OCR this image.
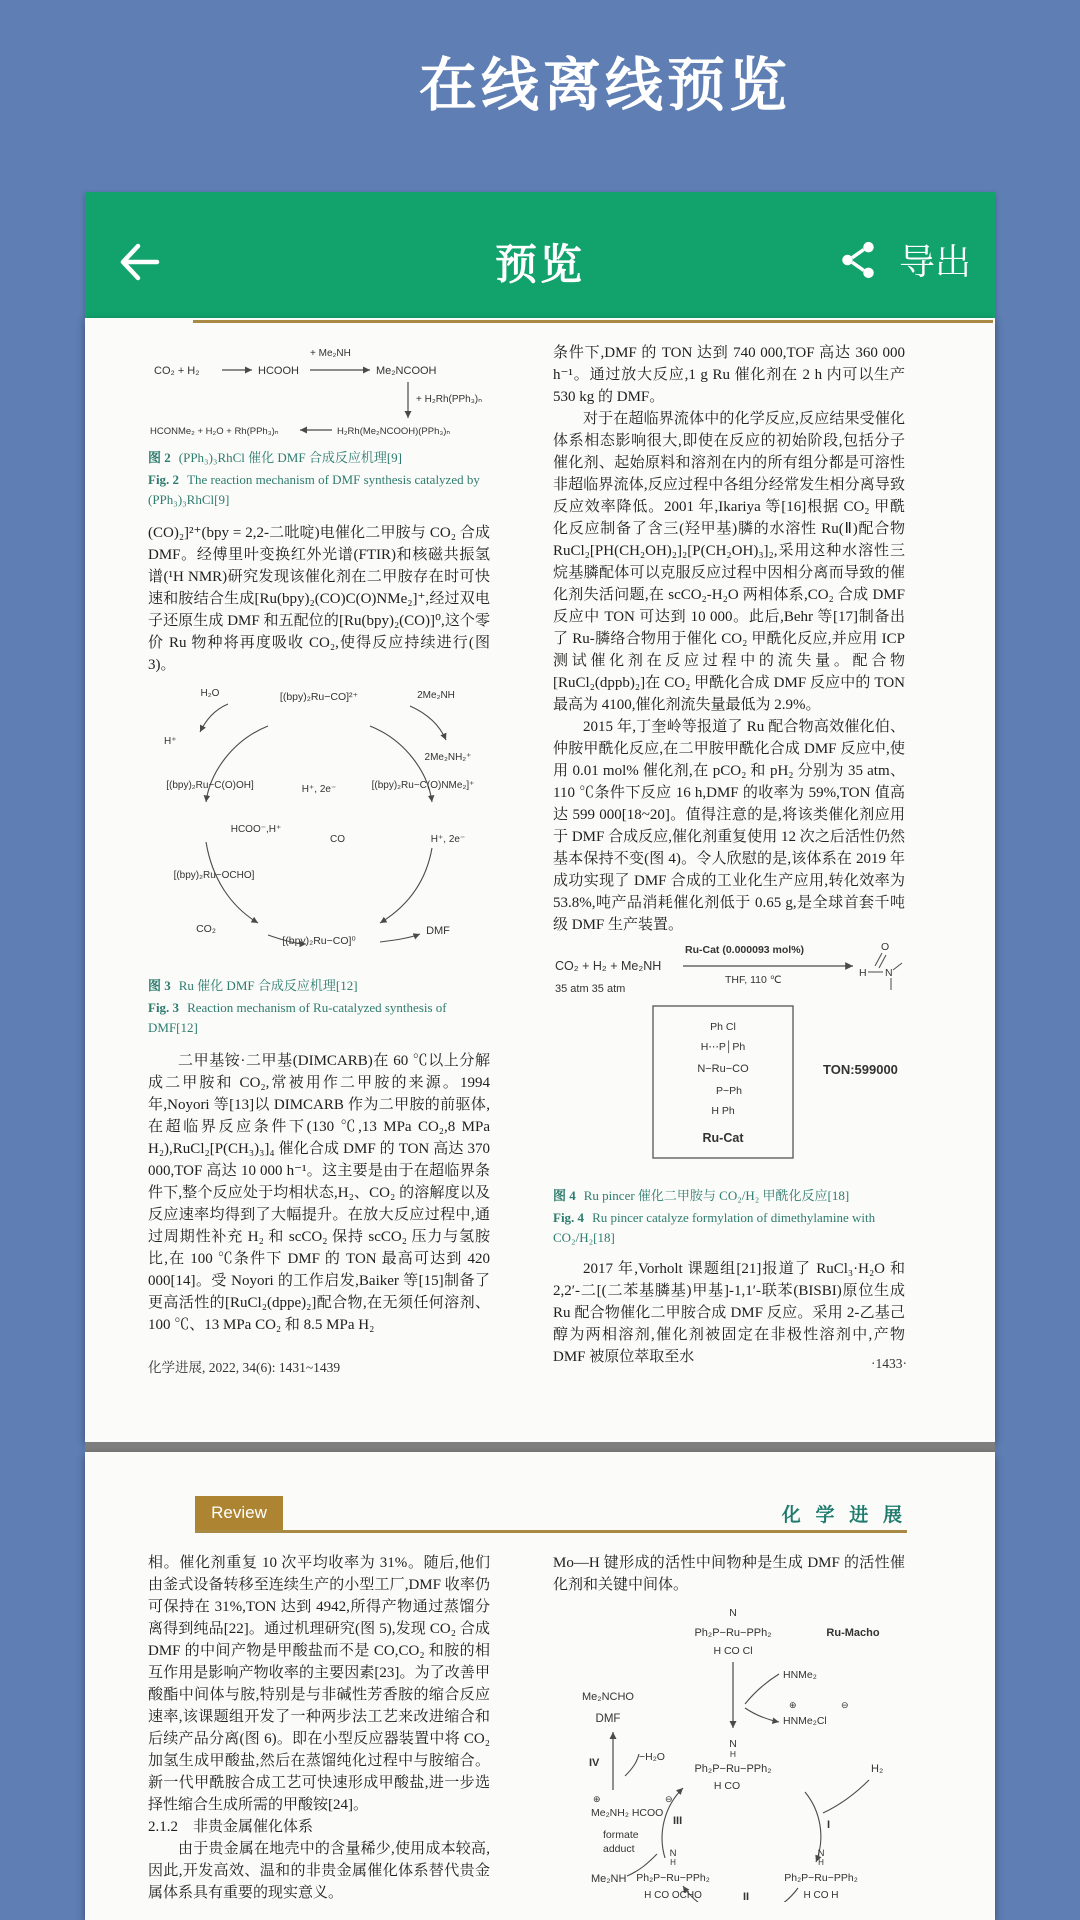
在线离线预览
预览	导出
CO₂ + H₂	HCOOH
+ Me₂NH
Me₂NCOOH
+ H₂Rh(PPh₃)ₙ
HCONMe₂ + H₂O + Rh(PPh₃)ₙ	H₂Rh(Me₂NCOOH)(PPh₃)ₙ

图 2 (PPh₃)₃RhCl 催化 DMF 合成反应机理[9]

Fig. 2 The reaction mechanism of DMF synthesis catalyzed by (PPh₃)₃RhCl[9]

(CO)₂]²⁺(bpy = 2,2-二吡啶)电催化二甲胺与 CO₂ 合成 DMF。经傅里叶变换红外光谱(FTIR)和核磁共振氢谱(¹H NMR)研究发现该催化剂在二甲胺存在时可快速和胺结合生成[Ru(bpy)₂(CO)C(O)NMe₂]⁺,经过双电子还原生成 DMF 和五配位的[Ru(bpy)₂(CO)]⁰,这个零价 Ru 物种将再度吸收 CO₂,使得反应持续进行(图 3)。

[(bpy)₂Ru−CO]²⁺
H₂O
H⁺
2Me₂NH
2Me₂NH₂⁺
[(bpy)₂Ru−C(O)OH]
HCOO⁻,H⁺
H⁺, 2e⁻
CO
[(bpy)₂Ru−C(O)NMe₂]⁺
H⁺, 2e⁻
[(bpy)₂Ru−OCHO]
CO₂
[(bpy)₂Ru−CO]⁰
DMF

图 3 Ru 催化 DMF 合成反应机理[12]

Fig. 3 Reaction mechanism of Ru-catalyzed synthesis of DMF[12]

二甲基铵·二甲基(DIMCARB)在 60 ℃以上分解成二甲胺和 CO₂,常被用作二甲胺的来源。1994 年,Noyori 等[13]以 DIMCARB 作为二甲胺的前驱体,在超临界反应条件下(130 ℃,13 MPa CO₂,8 MPa H₂),RuCl₂[P(CH₃)₃]₄ 催化合成 DMF 的 TON 高达 370 000,TOF 高达 10 000 h⁻¹。这主要是由于在超临界条件下,整个反应处于均相状态,H₂、CO₂ 的溶解度以及反应速率均得到了大幅提升。在放大反应过程中,通过周期性补充 H₂ 和 scCO₂ 保持 scCO₂ 压力与氢胺比,在 100 ℃条件下 DMF 的 TON 最高可达到 420 000[14]。受 Noyori 的工作启发,Baiker 等[15]制备了更高活性的[RuCl₂(dppe)₂]配合物,在无须任何溶剂、100 ℃、13 MPa CO₂ 和 8.5 MPa H₂

条件下,DMF 的 TON 达到 740 000,TOF 高达 360 000 h⁻¹。通过放大反应,1 g Ru 催化剂在 2 h 内可以生产 530 kg 的 DMF。

对于在超临界流体中的化学反应,反应结果受催化体系相态影响很大,即使在反应的初始阶段,包括分子催化剂、起始原料和溶剂在内的所有组分都是可溶性非超临界流体,反应过程中各组分经常发生相分离导致反应效率降低。2001 年,Ikariya 等[16]根据 CO₂ 甲酰化反应制备了含三(羟甲基)膦的水溶性 Ru(Ⅱ)配合物 RuCl₂[PH(CH₂OH)₂]₂[P(CH₂OH)₃]₂,采用这种水溶性三烷基膦配体可以克服反应过程中因相分离而导致的催化剂失活问题,在 scCO₂-H₂O 两相体系,CO₂ 合成 DMF 反应中 TON 可达到 10 000。此后,Behr 等[17]制备出了 Ru-膦络合物用于催化 CO₂ 甲酰化反应,并应用 ICP 测试催化剂在反应过程中的流失量。配合物[RuCl₂(dppb)₂]在 CO₂ 甲酰化合成 DMF 反应中的 TON 最高为 4100,催化剂流失量最低为 2.9%。

2015 年,丁奎岭等报道了 Ru 配合物高效催化伯、仲胺甲酰化反应,在二甲胺甲酰化合成 DMF 反应中,使用 0.01 mol% 催化剂,在 pCO₂ 和 pH₂ 分别为 35 atm、110 ℃条件下反应 16 h,DMF 的收率为 59%,TON 值高达 599 000[18~20]。值得注意的是,将该类催化剂应用于 DMF 合成反应,催化剂重复使用 12 次之后活性仍然基本保持不变(图 4)。令人欣慰的是,该体系在 2019 年成功实现了 DMF 合成的工业化生产应用,转化效率为 53.8%,吨产品消耗催化剂低于 0.65 g,是全球首套千吨级 DMF 生产装置。

CO₂ + H₂ + Me₂NH
35 atm 35 atm
Ru-Cat (0.000093 mol%)
THF, 110 ℃
O
H N
TON:599000
Ph Cl
H⋯P│Ph
N−Ru−CO
P−Ph
H Ph
Ru-Cat

图 4 Ru pincer 催化二甲胺与 CO₂/H₂ 甲酰化反应[18]

Fig. 4 Ru pincer catalyze formylation of dimethylamine with CO₂/H₂[18]

2017 年,Vorholt 课题组[21]报道了 RuCl₃·H₂O 和 2,2′-二[(二苯基膦基)甲基]-1,1′-联苯(BISBI)原位生成 Ru 配合物催化二甲胺合成 DMF 反应。采用 2-乙基己醇为两相溶剂,催化剂被固定在非极性溶剂中,产物 DMF 被原位萃取至水

化学进展, 2022, 34(6): 1431~1439	·1433·
Review	化 学 进 展

相。催化剂重复 10 次平均收率为 31%。随后,他们由釜式设备转移至连续生产的小型工厂,DMF 收率仍可保持在 31%,TON 达到 4942,所得产物通过蒸馏分离得到纯品[22]。通过机理研究(图 5),发现 CO₂ 合成 DMF 的中间产物是甲酸盐而不是 CO,CO₂ 和胺的相互作用是影响产物收率的主要因素[23]。为了改善甲酸酯中间体与胺,特别是与非碱性芳香胺的缩合反应速率,该课题组开发了一种两步法工艺来改进缩合和后续产品分离(图 6)。即在小型反应器装置中将 CO₂ 加氢生成甲酸盐,然后在蒸馏纯化过程中与胺缩合。新一代甲酰胺合成工艺可快速形成甲酸盐,进一步选择性缩合生成所需的甲酸铵[24]。

2.1.2　非贵金属催化体系

由于贵金属在地壳中的含量稀少,使用成本较高,因此,开发高效、温和的非贵金属催化体系替代贵金属体系具有重要的现实意义。

Mo—H 键形成的活性中间物种是生成 DMF 的活性催化剂和关键中间体。

N
Ph₂P−Ru−PPh₂
H CO Cl
Ru-Macho
HNMe₂
⊕
HNMe₂Cl
⊖
Me₂NCHO
DMF
IV	−H₂O
N
H
Ph₂P−Ru−PPh₂
H CO
H₂
I
II
III
⊕	⊖
Me₂NH₂ HCOO
formate
adduct
Me₂NH
N
H
Ph₂P−Ru−PPh₂
H CO OCHO
N
H
Ph₂P−Ru−PPh₂
H CO H
